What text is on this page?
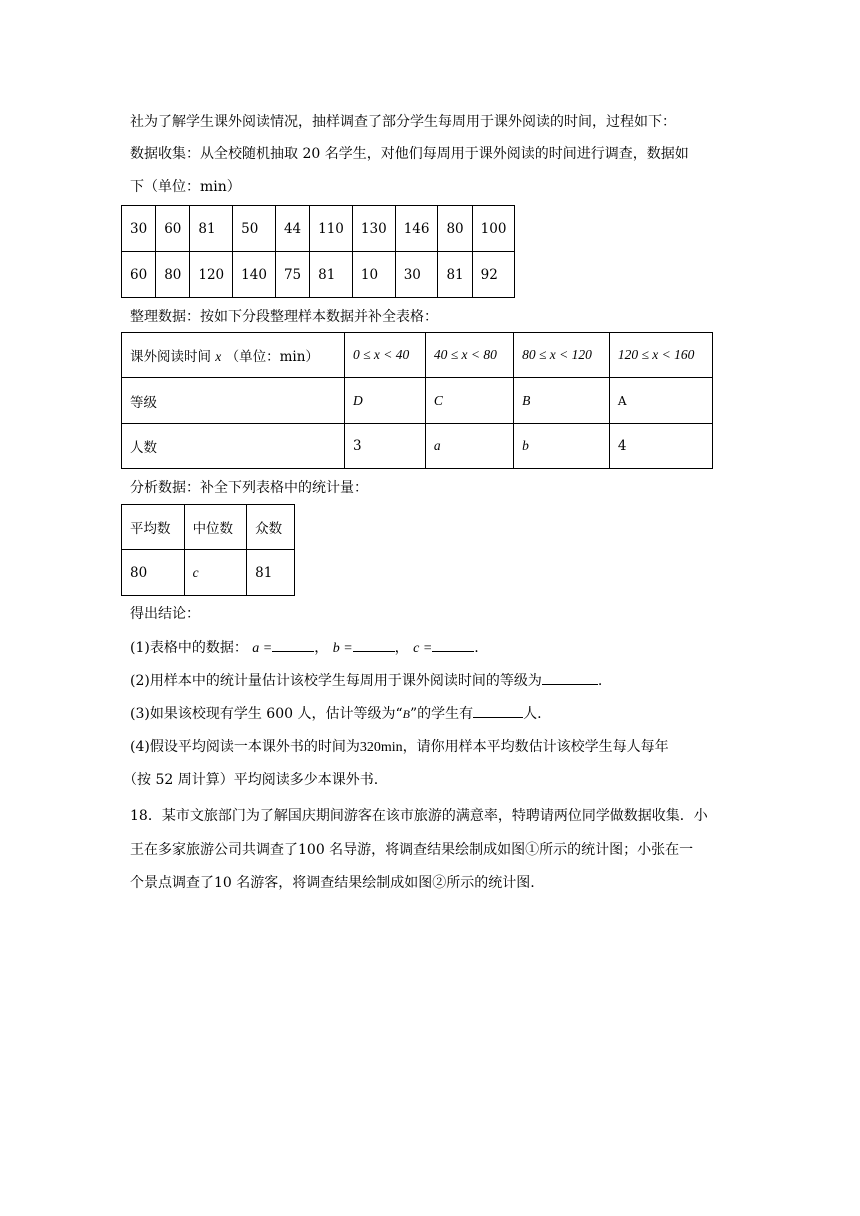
社为了解学生课外阅读情况，抽样调查了部分学生每周用于课外阅读的时间，过程如下：
数据收集：从全校随机抽取 20 名学生，对他们每周用于课外阅读的时间进行调查，数据如
下（单位：min）
30	60	81	50	44	110	130	146	80	100
60	80	120	140	75	81	10	30	81	92
整理数据：按如下分段整理样本数据并补全表格：
课外阅读时间 x （单位：min）	0 ≤ x < 40	40 ≤ x < 80	80 ≤ x < 120	120 ≤ x < 160
等级	D	C	B	A
人数	3	a	b	4
分析数据：补全下列表格中的统计量：
平均数	中位数	众数
80	c	81
得出结论：
(1)表格中的数据： a =	， b =	， c =	.
(2)用样本中的统计量估计该校学生每周用于课外阅读时间的等级为	.
(3)如果该校现有学生 600 人，估计等级为“B”的学生有	人.
(4)假设平均阅读一本课外书的时间为320min，请你用样本平均数估计该校学生每人每年
（按 52 周计算）平均阅读多少本课外书.
18．某市文旅部门为了解国庆期间游客在该市旅游的满意率，特聘请两位同学做数据收集．小
王在多家旅游公司共调查了100 名导游，将调查结果绘制成如图①所示的统计图；小张在一
个景点调查了10 名游客，将调查结果绘制成如图②所示的统计图.
